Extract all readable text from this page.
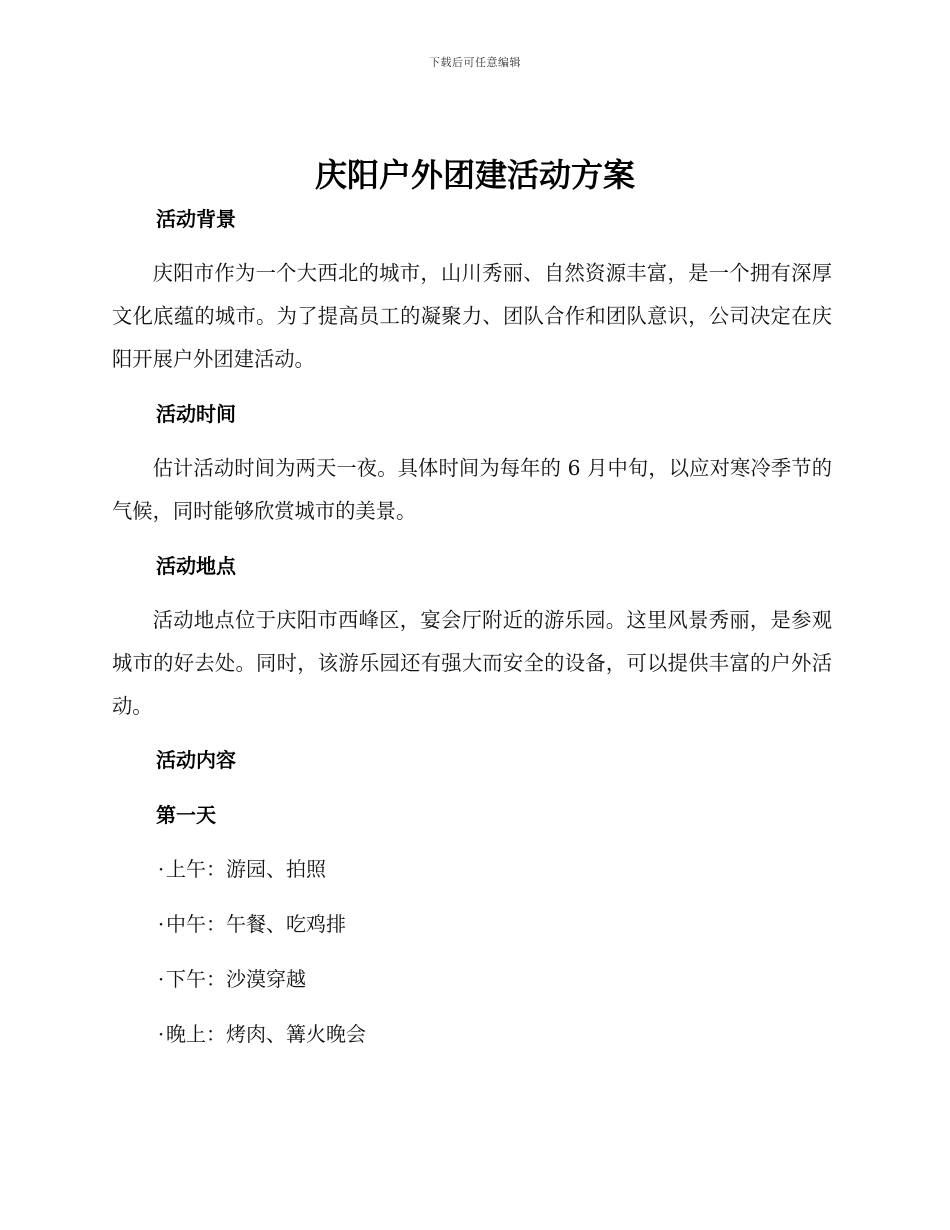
下载后可任意编辑
庆阳户外团建活动方案
活动背景
庆阳市作为一个大西北的城市，山川秀丽、自然资源丰富，是一个拥有深厚文化底蕴的城市。为了提高员工的凝聚力、团队合作和团队意识，公司决定在庆阳开展户外团建活动。
活动时间
估计活动时间为两天一夜。具体时间为每年的 6 月中旬，以应对寒冷季节的气候，同时能够欣赏城市的美景。
活动地点
活动地点位于庆阳市西峰区，宴会厅附近的游乐园。这里风景秀丽，是参观城市的好去处。同时，该游乐园还有强大而安全的设备，可以提供丰富的户外活动。
活动内容
第一天
·上午：游园、拍照
·中午：午餐、吃鸡排
·下午：沙漠穿越
·晚上：烤肉、篝火晚会
